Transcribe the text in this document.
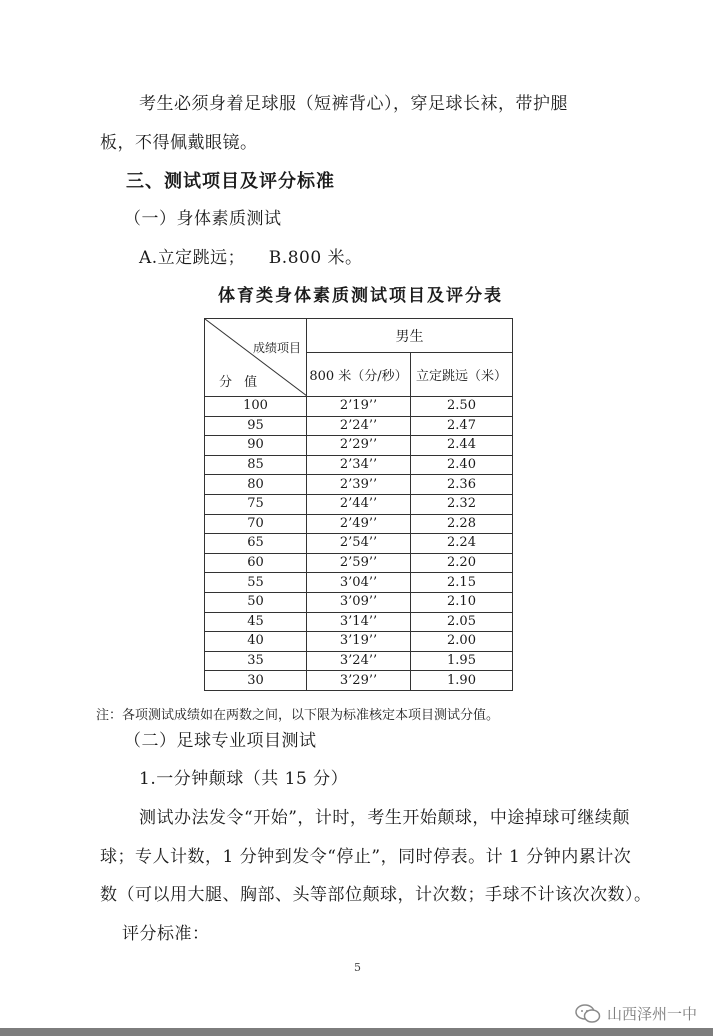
考生必须身着足球服（短裤背心），穿足球长袜，带护腿
板，不得佩戴眼镜。
三、测试项目及评分标准
（一）身体素质测试
A.立定跳远；    B.800 米。
体育类身体素质测试项目及评分表
成绩项目
分 值	男生	
	800 米（分/秒）	立定跳远（米）
100	2’19’’	2.50
95	2’24’’	2.47
90	2’29’’	2.44
85	2’34’’	2.40
80	2’39’’	2.36
75	2’44’’	2.32
70	2’49’’	2.28
65	2’54’’	2.24
60	2’59’’	2.20
55	3’04’’	2.15
50	3’09’’	2.10
45	3’14’’	2.05
40	3’19’’	2.00
35	3’24’’	1.95
30	3’29’’	1.90
注：各项测试成绩如在两数之间，以下限为标准核定本项目测试分值。
（二）足球专业项目测试
1.一分钟颠球（共 15 分）
测试办法发令“开始”，计时，考生开始颠球，中途掉球可继续颠
球；专人计数，1 分钟到发令“停止”，同时停表。计 1 分钟内累计次
数（可以用大腿、胸部、头等部位颠球，计次数；手球不计该次次数）。
评分标准：
5
山西泽州一中
